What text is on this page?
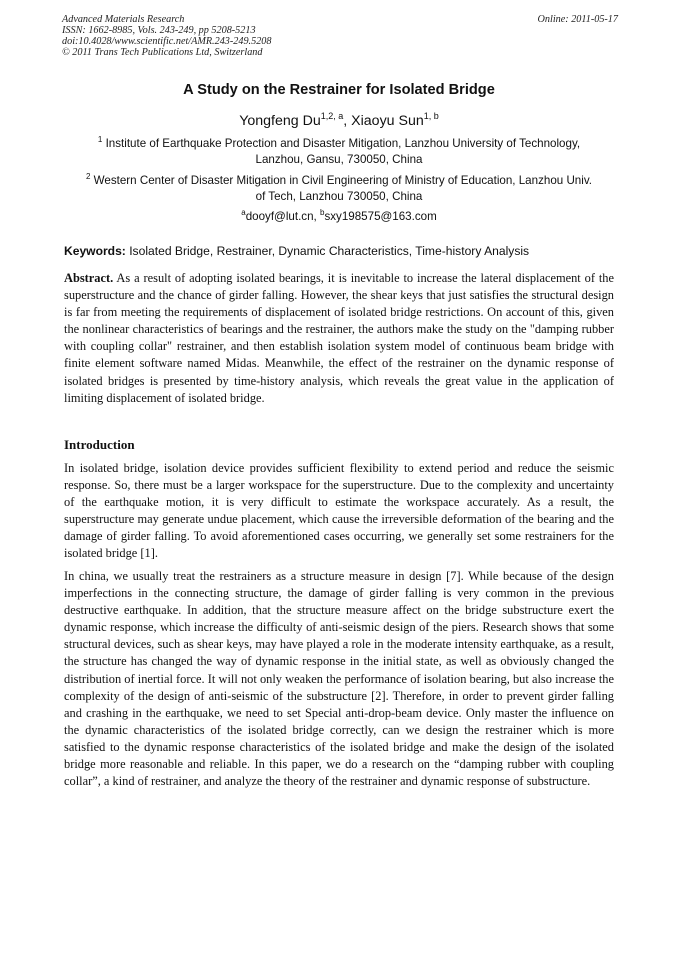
Advanced Materials Research
ISSN: 1662-8985, Vols. 243-249, pp 5208-5213
doi:10.4028/www.scientific.net/AMR.243-249.5208
© 2011 Trans Tech Publications Ltd, Switzerland
Online: 2011-05-17
A Study on the Restrainer for Isolated Bridge
Yongfeng Du$^{1,2, a}$, Xiaoyu Sun$^{1, b}$
$^1$ Institute of Earthquake Protection and Disaster Mitigation, Lanzhou University of Technology,
Lanzhou, Gansu, 730050, China
$^2$ Western Center of Disaster Mitigation in Civil Engineering of Ministry of Education, Lanzhou Univ.
of Tech, Lanzhou 730050, China
$^a$dooyf@lut.cn, $^b$sxy198575@163.com
Keywords: Isolated Bridge, Restrainer, Dynamic Characteristics, Time-history Analysis
Abstract. As a result of adopting isolated bearings, it is inevitable to increase the lateral displacement of the superstructure and the chance of girder falling. However, the shear keys that just satisfies the structural design is far from meeting the requirements of displacement of isolated bridge restrictions. On account of this, given the nonlinear characteristics of bearings and the restrainer, the authors make the study on the "damping rubber with coupling collar" restrainer, and then establish isolation system model of continuous beam bridge with finite element software named Midas. Meanwhile, the effect of the restrainer on the dynamic response of isolated bridges is presented by time-history analysis, which reveals the great value in the application of limiting displacement of isolated bridge.
Introduction
In isolated bridge, isolation device provides sufficient flexibility to extend period and reduce the seismic response. So, there must be a larger workspace for the superstructure. Due to the complexity and uncertainty of the earthquake motion, it is very difficult to estimate the workspace accurately. As a result, the superstructure may generate undue placement, which cause the irreversible deformation of the bearing and the damage of girder falling. To avoid aforementioned cases occurring, we generally set some restrainers for the isolated bridge [1].
In china, we usually treat the restrainers as a structure measure in design [7]. While because of the design imperfections in the connecting structure, the damage of girder falling is very common in the previous destructive earthquake. In addition, that the structure measure affect on the bridge substructure exert the dynamic response, which increase the difficulty of anti-seismic design of the piers. Research shows that some structural devices, such as shear keys, may have played a role in the moderate intensity earthquake, as a result, the structure has changed the way of dynamic response in the initial state, as well as obviously changed the distribution of inertial force. It will not only weaken the performance of isolation bearing, but also increase the complexity of the design of anti-seismic of the substructure [2]. Therefore, in order to prevent girder falling and crashing in the earthquake, we need to set Special anti-drop-beam device. Only master the influence on the dynamic characteristics of the isolated bridge correctly, can we design the restrainer which is more satisfied to the dynamic response characteristics of the isolated bridge and make the design of the isolated bridge more reasonable and reliable. In this paper, we do a research on the “damping rubber with coupling collar”, a kind of restrainer, and analyze the theory of the restrainer and dynamic response of substructure.
